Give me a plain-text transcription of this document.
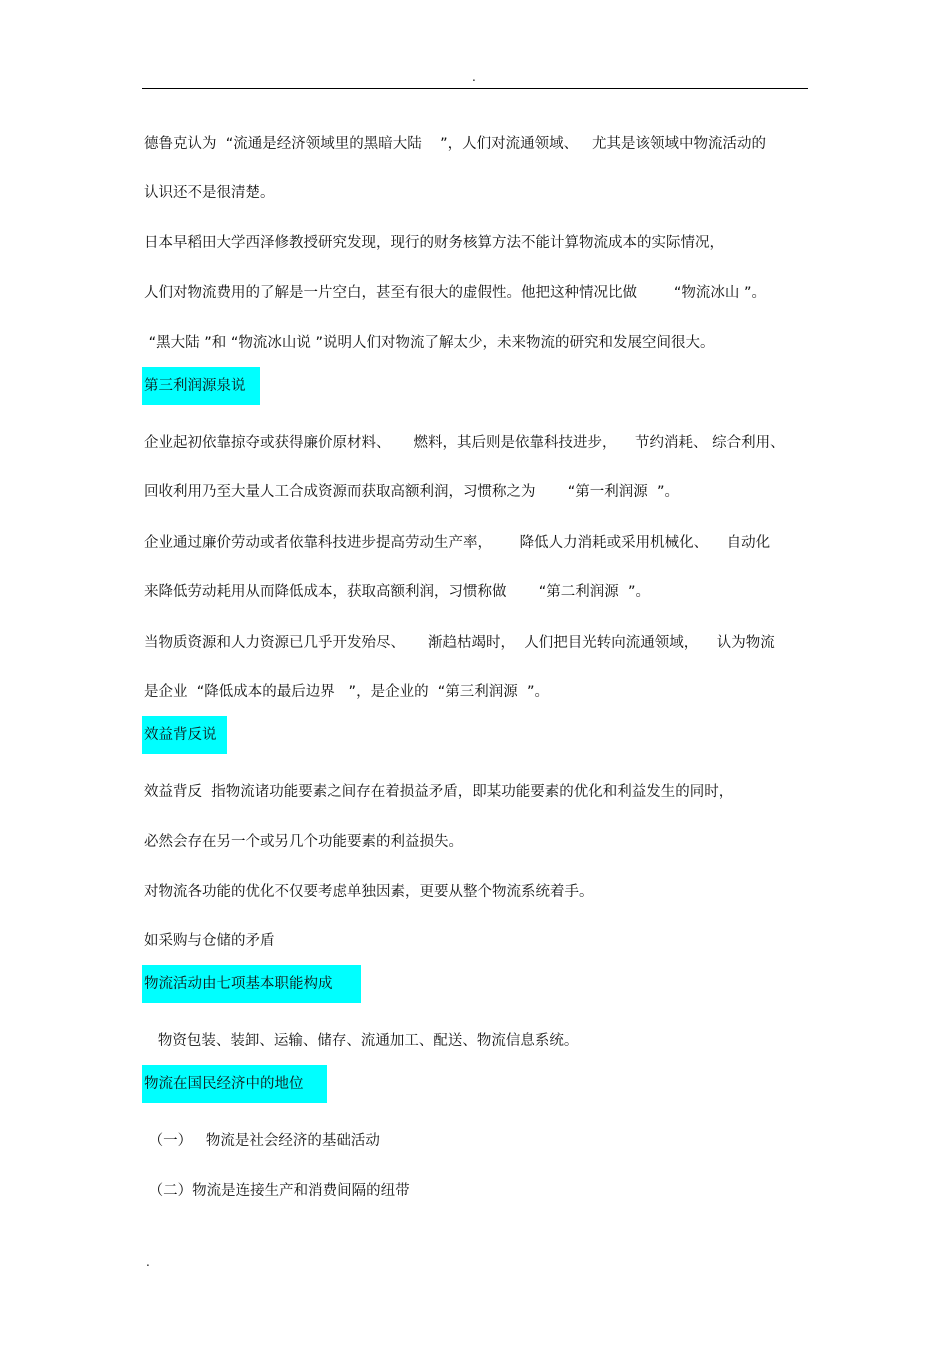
.
德鲁克认为  “流通是经济领域里的黑暗大陆    ”，人们对流通领域、   尤其是该领域中物流活动的
认识还不是很清楚。
日本早稻田大学西泽修教授研究发现，现行的财务核算方法不能计算物流成本的实际情况，
人们对物流费用的了解是一片空白，甚至有很大的虚假性。他把这种情况比做        “物流冰山 ”。
“黑大陆 ”和 “物流冰山说 ”说明人们对物流了解太少，未来物流的研究和发展空间很大。
第三利润源泉说
企业起初依靠掠夺或获得廉价原材料、     燃料，其后则是依靠科技进步，    节约消耗、 综合利用、
回收利用乃至大量人工合成资源而获取高额利润，习惯称之为       “第一利润源  ”。
企业通过廉价劳动或者依靠科技进步提高劳动生产率，      降低人力消耗或采用机械化、    自动化
来降低劳动耗用从而降低成本，获取高额利润，习惯称做       “第二利润源  ”。
当物质资源和人力资源已几乎开发殆尽、     渐趋枯竭时，  人们把目光转向流通领域，    认为物流
是企业  “降低成本的最后边界   ”，是企业的  “第三利润源  ”。
效益背反说
效益背反  指物流诸功能要素之间存在着损益矛盾，即某功能要素的优化和利益发生的同时，
必然会存在另一个或另几个功能要素的利益损失。
对物流各功能的优化不仅要考虑单独因素，更要从整个物流系统着手。
如采购与仓储的矛盾
物流活动由七项基本职能构成
物资包装、装卸、运输、储存、流通加工、配送、物流信息系统。
物流在国民经济中的地位
（一）   物流是社会经济的基础活动
（二）物流是连接生产和消费间隔的纽带
.
